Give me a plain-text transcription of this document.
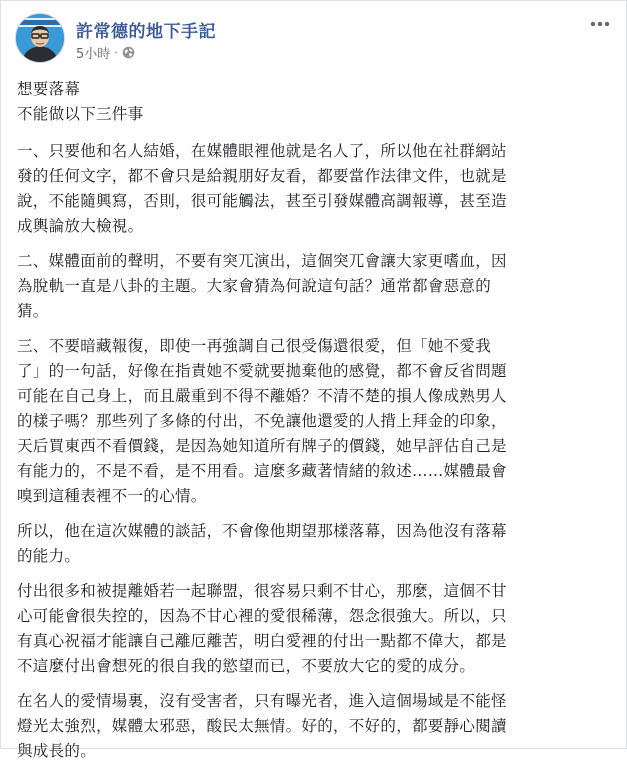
許常德的地下手記
5小時 ·

想要落幕
不能做以下三件事

一、只要他和名人結婚，在媒體眼裡他就是名人了，所以他在社群網站
發的任何文字，都不會只是給親朋好友看，都要當作法律文件，也就是
說，不能隨興寫，否則，很可能觸法，甚至引發媒體高調報導，甚至造
成輿論放大檢視。

二、媒體面前的聲明，不要有突兀演出，這個突兀會讓大家更嗜血，因
為脫軌一直是八卦的主題。大家會猜為何說這句話？通常都會惡意的
猜。

三、不要暗藏報復，即使一再強調自己很受傷還很愛，但「她不愛我
了」的一句話，好像在指責她不愛就要拋棄他的感覺，都不會反省問題
可能在自己身上，而且嚴重到不得不離婚？不清不楚的損人像成熟男人
的樣子嗎？那些列了多條的付出，不免讓他還愛的人揹上拜金的印象，
天后買東西不看價錢，是因為她知道所有牌子的價錢，她早評估自己是
有能力的，不是不看，是不用看。這麼多藏著情緒的敘述……媒體最會
嗅到這種表裡不一的心情。

所以，他在這次媒體的談話，不會像他期望那樣落幕，因為他沒有落幕
的能力。

付出很多和被提離婚若一起聯盟，很容易只剩不甘心，那麼，這個不甘
心可能會很失控的，因為不甘心裡的愛很稀薄，怨念很強大。所以，只
有真心祝福才能讓自己離厄離苦，明白愛裡的付出一點都不偉大，都是
不這麼付出會想死的很自我的慾望而已，不要放大它的愛的成分。

在名人的愛情場裏，沒有受害者，只有曝光者，進入這個場域是不能怪
燈光太強烈，媒體太邪惡，酸民太無情。好的，不好的，都要靜心閱讀
與成長的。
